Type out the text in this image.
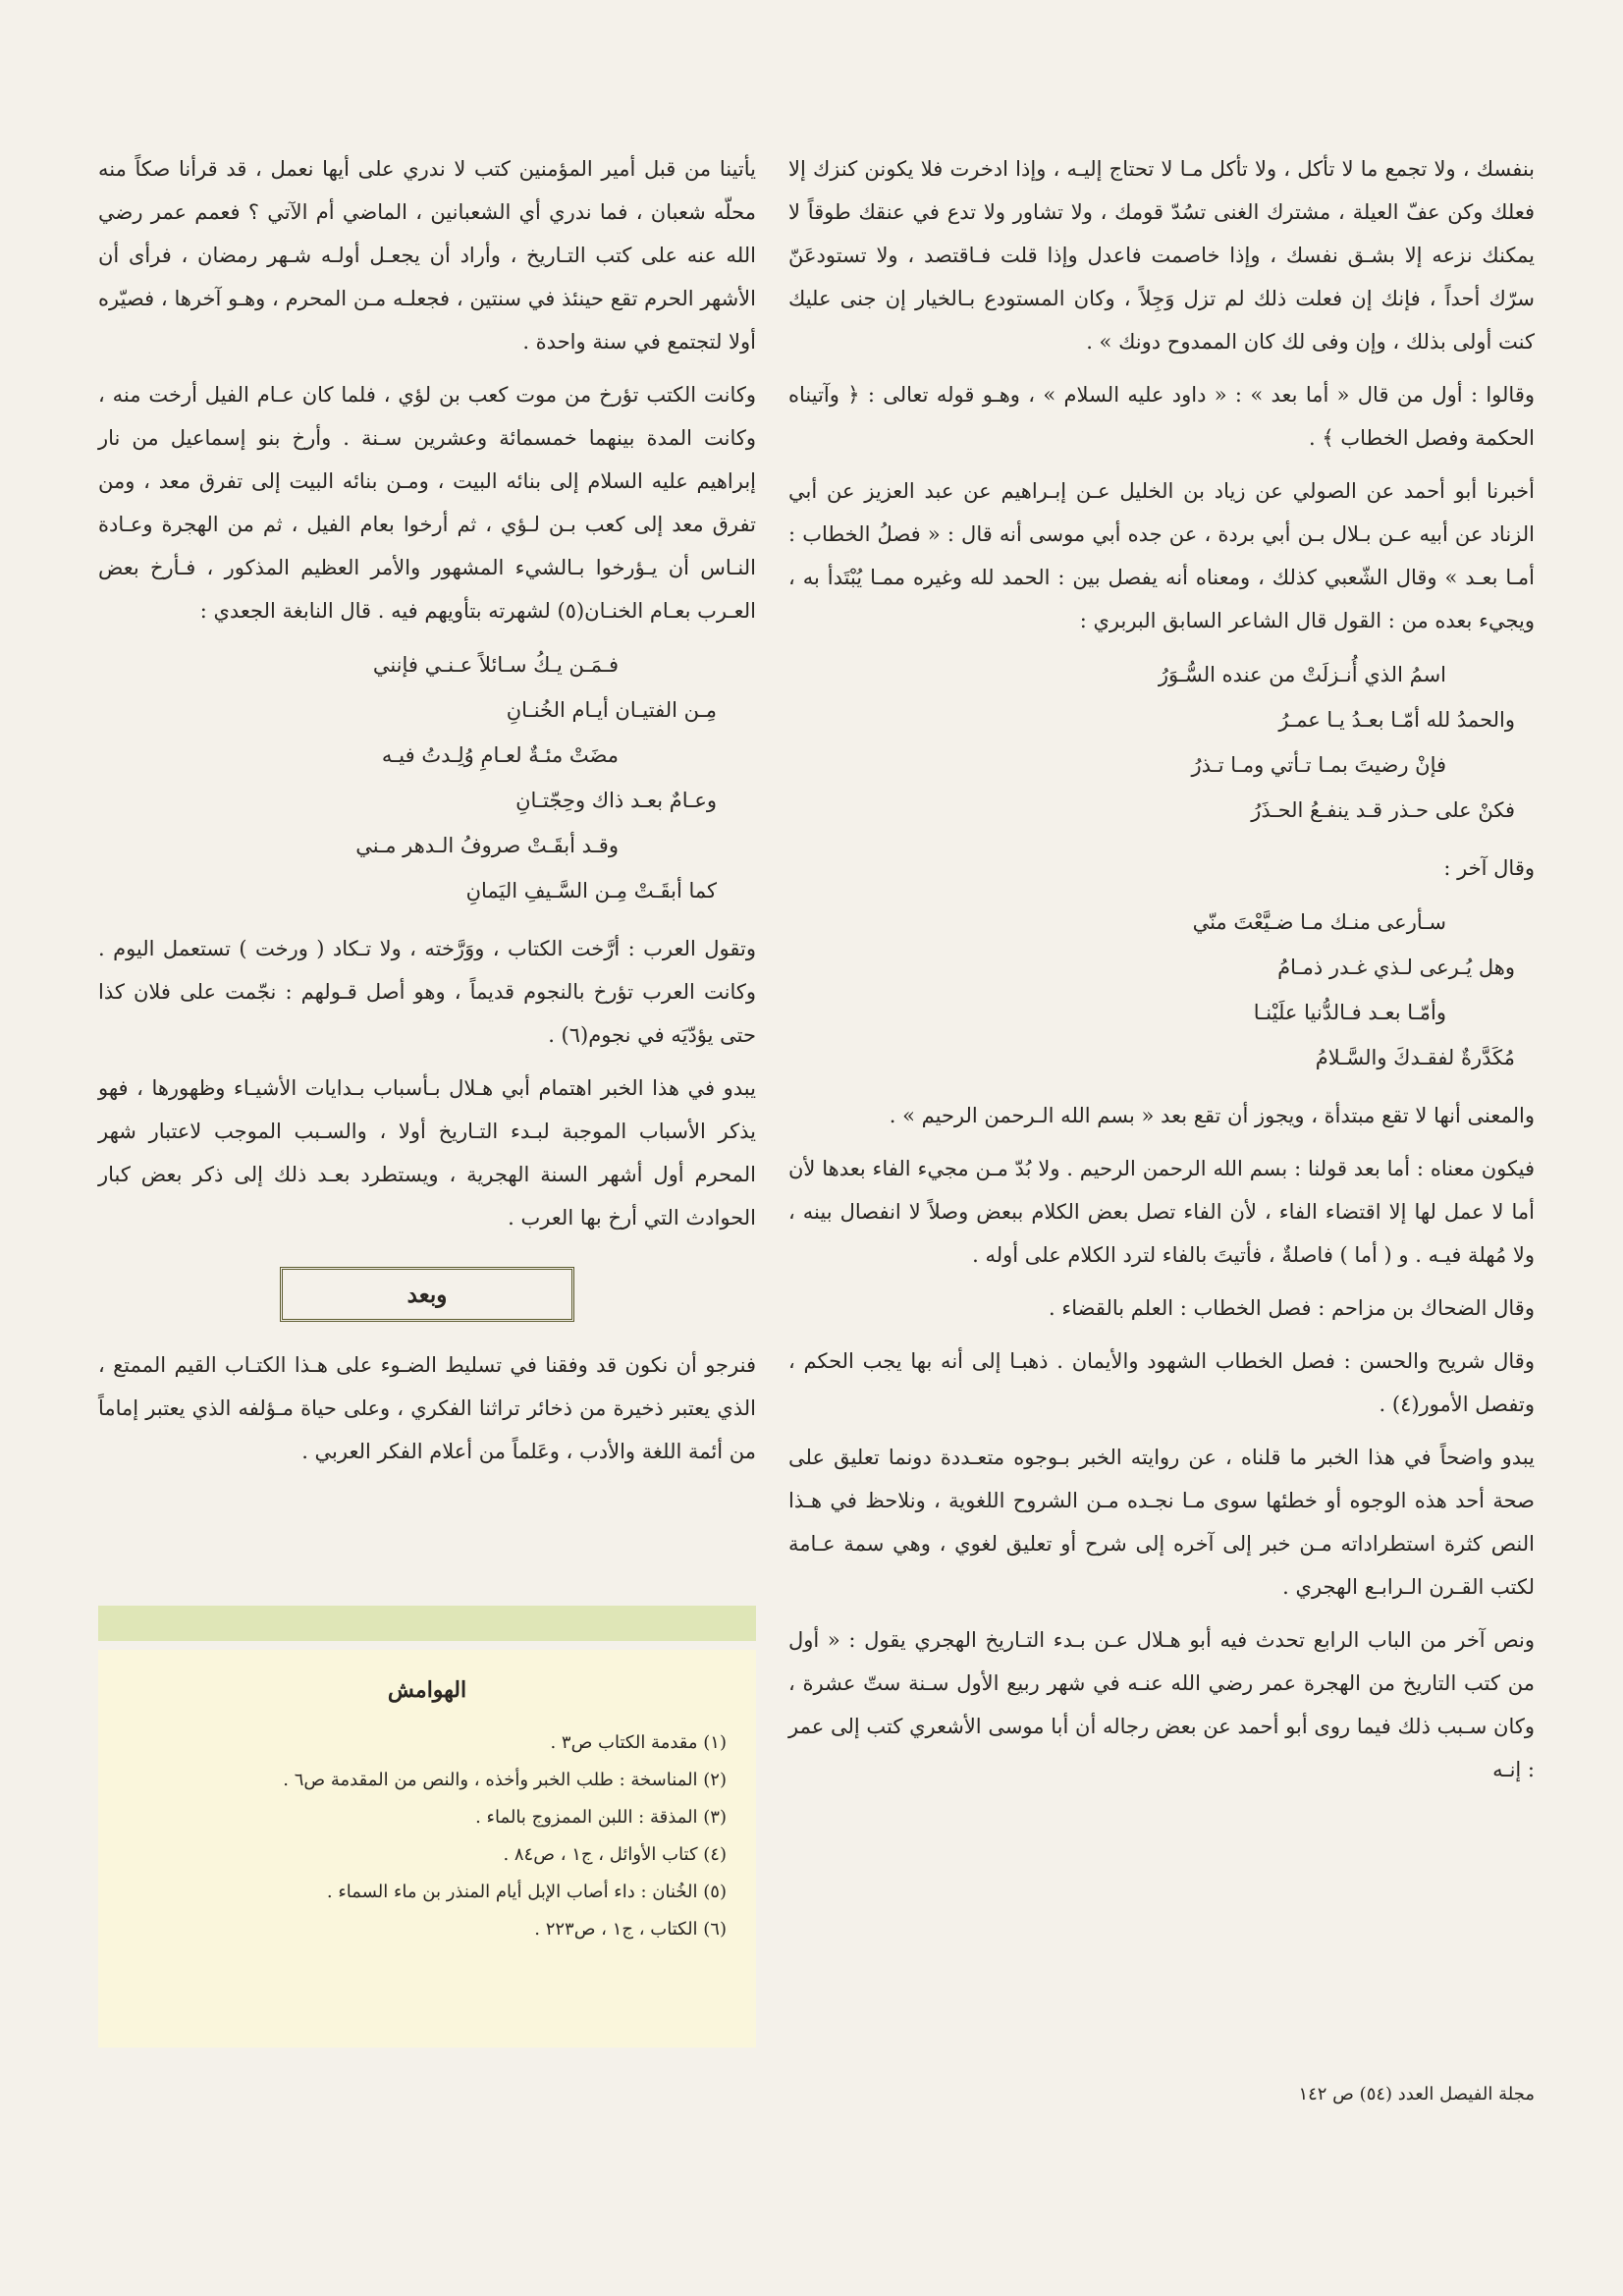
بنفسك ، ولا تجمع ما لا تأكل ، ولا تأكل مـا لا تحتاج إليـه ، وإذا ادخرت فلا يكونن كنزك إلا فعلك وكن عفّ العيلة ، مشترك الغنى تسُدّ قومك ، ولا تشاور ولا تدع في عنقك طوقاً لا يمكنك نزعه إلا بشـق نفسك ، وإذا خاصمت فاعدل وإذا قلت فـاقتصد ، ولا تستودعَنّ سرّك أحداً ، فإنك إن فعلت ذلك لم تزل وَجِلاً ، وكان المستودع بـالخيار إن جنى عليك كنت أولى بذلك ، وإن وفى لك كان الممدوح دونك » .

وقالوا : أول من قال « أما بعد » : « داود عليه السلام » ، وهـو قوله تعالى : ﴿ وآتيناه الحكمة وفصل الخطاب ﴾ .

أخبرنا أبو أحمد عن الصولي عن زياد بن الخليل عـن إبـراهيم عن عبد العزيز عن أبي الزناد عن أبيه عـن بـلال بـن أبي بردة ، عن جده أبي موسى أنه قال : « فصلُ الخطاب : أمـا بعـد » وقال الشّعبي كذلك ، ومعناه أنه يفصل بين : الحمد لله وغيره ممـا يُبْتَدأ به ، ويجيء بعده من : القول قال الشاعر السابق البربري :

اسمُ الذي أُنـزلَتْ من عنده السُّـوَرُ
والحمدُ لله أمّـا بعـدُ يـا عمـرُ
فإنْ رضيتَ بمـا تـأتي ومـا تـذرُ
فكنْ على حـذر قـد ينفـعُ الحـذَرُ

وقال آخر :

سـأرعى منـك مـا ضـيَّعْتَ منّي
وهل يُـرعى لـذي غـدر ذمـامُ
وأمّـا بعـد فـالدُّنيا علَيْنـا
مُكَدَّرةٌ لفقـدكَ والسَّـلامُ

والمعنى أنها لا تقع مبتدأة ، ويجوز أن تقع بعد « بسم الله الـرحمن الرحيم » .

فيكون معناه : أما بعد قولنا : بسم الله الرحمن الرحيم . ولا بُدّ مـن مجيء الفاء بعدها لأن أما لا عمل لها إلا اقتضاء الفاء ، لأن الفاء تصل بعض الكلام ببعض وصلاً لا انفصال بينه ، ولا مُهلة فيـه . و ( أما ) فاصلةٌ ، فأتيتَ بالفاء لترد الكلام على أوله .

وقال الضحاك بن مزاحم : فصل الخطاب : العلم بالقضاء .

وقال شريح والحسن : فصل الخطاب الشهود والأيمان . ذهبـا إلى أنه بها يجب الحكم ، وتفصل الأمور(٤) .

يبدو واضحاً في هذا الخبر ما قلناه ، عن روايته الخبر بـوجوه متعـددة دونما تعليق على صحة أحد هذه الوجوه أو خطئها سوى مـا نجـده مـن الشروح اللغوية ، ونلاحظ في هـذا النص كثرة استطراداته مـن خبر إلى آخره إلى شرح أو تعليق لغوي ، وهي سمة عـامة لكتب القـرن الـرابـع الهجري .

ونص آخر من الباب الرابع تحدث فيه أبو هـلال عـن بـدء التـاريخ الهجري يقول : « أول من كتب التاريخ من الهجرة عمر رضي الله عنـه في شهر ربيع الأول سـنة ستّ عشرة ، وكان سـبب ذلك فيما روى أبو أحمد عن بعض رجاله أن أبا موسى الأشعري كتب إلى عمر : إنـه

يأتينا من قبل أمير المؤمنين كتب لا ندري على أيها نعمل ، قد قرأنا صكاً منه محلّه شعبان ، فما ندري أي الشعبانين ، الماضي أم الآتي ؟ فعمم عمر رضي الله عنه على كتب التـاريخ ، وأراد أن يجعـل أولـه شـهر رمضان ، فرأى أن الأشهر الحرم تقع حينئذ في سنتين ، فجعلـه مـن المحرم ، وهـو آخرها ، فصيّره أولا لتجتمع في سنة واحدة .

وكانت الكتب تؤرخ من موت كعب بن لؤي ، فلما كان عـام الفيل أرخت منه ، وكانت المدة بينهما خمسمائة وعشرين سـنة . وأرخ بنو إسماعيل من نار إبراهيم عليه السلام إلى بنائه البيت ، ومـن بنائه البيت إلى تفرق معد ، ومن تفرق معد إلى كعب بـن لـؤي ، ثم أرخوا بعام الفيل ، ثم من الهجرة وعـادة النـاس أن يـؤرخوا بـالشيء المشهور والأمر العظيم المذكور ، فـأرخ بعض العـرب بعـام الخنـان(٥) لشهرته بتأويهم فيه . قال النابغة الجعدي :

فـمَـن يـكُ سـائلاً عـنـي فإنني
مِـن الفتيـان أيـام الخُنـانِ
مضَتْ مئـةٌ لعـامِ وُلِـدتُ فيـه
وعـامٌ بعـد ذاك وحِجّتـانِ
وقـد أبقَـتْ صروفُ الـدهر مـني
كما أبقَـتْ مِـن السَّـيفِ اليَمانِ

وتقول العرب : أرَّخت الكتاب ، ووَرَّخته ، ولا تـكاد ( ورخت ) تستعمل اليوم . وكانت العرب تؤرخ بالنجوم قديماً ، وهو أصل قـولهم : نجّمت على فلان كذا حتى يؤدّيَه في نجوم(٦) .

يبدو في هذا الخبر اهتمام أبي هـلال بـأسباب بـدايات الأشيـاء وظهورها ، فهو يذكر الأسباب الموجبة لبـدء التـاريخ أولا ، والسـبب الموجب لاعتبار شهر المحرم أول أشهر السنة الهجرية ، ويستطرد بعـد ذلك إلى ذكر بعض كبار الحوادث التي أرخ بها العرب .

وبعد

فنرجو أن نكون قد وفقنا في تسليط الضـوء على هـذا الكتـاب القيم الممتع ، الذي يعتبر ذخيرة من ذخائر تراثنا الفكري ، وعلى حياة مـؤلفه الذي يعتبر إماماً من أئمة اللغة والأدب ، وعَلماً من أعلام الفكر العربي .

الهوامش
(١) مقدمة الكتاب ص٣ .
(٢) المناسخة : طلب الخبر وأخذه ، والنص من المقدمة ص٦ .
(٣) المذقة : اللبن الممزوج بالماء .
(٤) كتاب الأوائل ، ج١ ، ص٨٤ .
(٥) الخُنان : داء أصاب الإبل أيام المنذر بن ماء السماء .
(٦) الكتاب ، ج١ ، ص٢٢٣ .
مجلة الفيصل العدد (٥٤) ص ١٤٢
